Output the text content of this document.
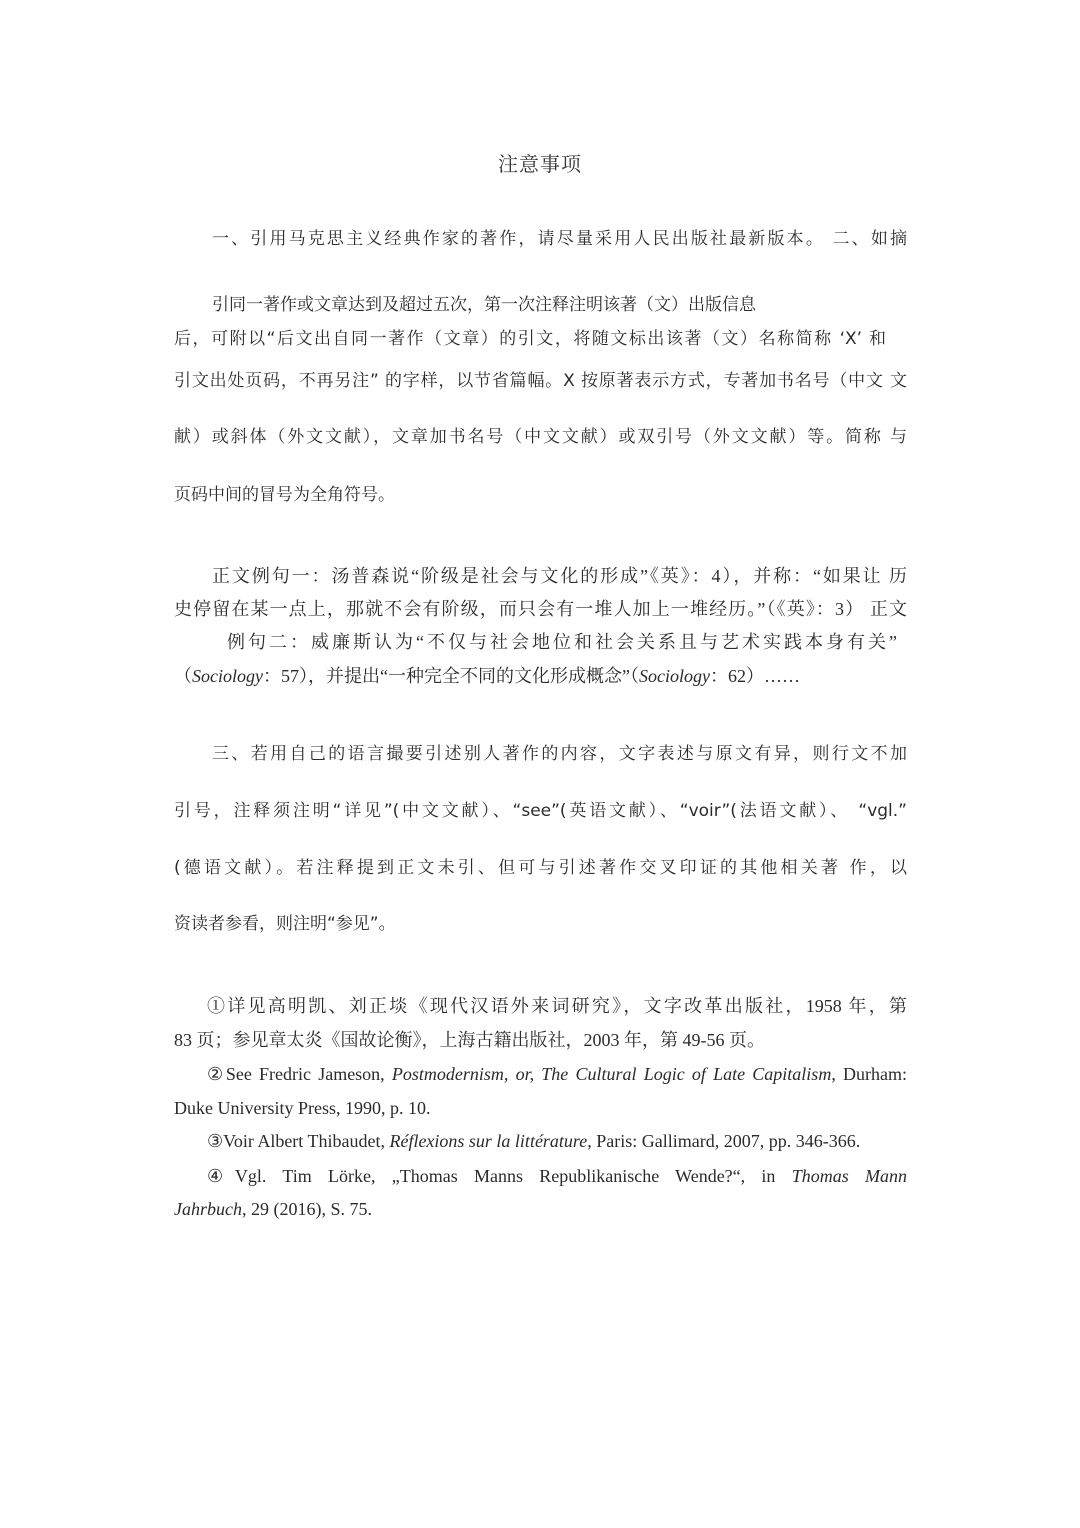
注意事项
一、引用马克思主义经典作家的著作，请尽量采用人民出版社最新版本。 二、如摘
引同一著作或文章达到及超过五次，第一次注释注明该著（文）出版信息
后，可附以“后文出自同一著作（文章）的引文，将随文标出该著（文）名称简称 ‘X’ 和
引文出处页码，不再另注” 的字样，以节省篇幅。X 按原著表示方式，专著加书名号（中文 文
献）或斜体（外文文献），文章加书名号（中文文献）或双引号（外文文献）等。简称 与
页码中间的冒号为全角符号。
正文例句一：汤普森说“阶级是社会与文化的形成”《英》：4），并称：“如果让 历
史停留在某一点上，那就不会有阶级，而只会有一堆人加上一堆经历。”（《英》：3） 正文
例句二：威廉斯认为“不仅与社会地位和社会关系且与艺术实践本身有关”
（Sociology：57），并提出“一种完全不同的文化形成概念”（Sociology：62）……
三、若用自己的语言撮要引述别人著作的内容，文字表述与原文有异，则行文不加
引号，注释须注明“详见”(中文文献）、“see”(英语文献）、“voir”(法语文献）、 “vgl.”
(德语文献）。若注释提到正文未引、但可与引述著作交叉印证的其他相关著 作，以
资读者参看，则注明“参见”。
①详见高明凯、刘正埮《现代汉语外来词研究》，文字改革出版社，1958 年，第
83 页；参见章太炎《国故论衡》，上海古籍出版社，2003 年，第 49-56 页。
②See Fredric Jameson, Postmodernism, or, The Cultural Logic of Late Capitalism, Durham:
Duke University Press, 1990, p. 10.
③Voir Albert Thibaudet, Réflexions sur la littérature, Paris: Gallimard, 2007, pp. 346-366.
④Vgl. Tim Lörke, „Thomas Manns Republikanische Wende?“, in Thomas Mann
Jahrbuch, 29 (2016), S. 75.
